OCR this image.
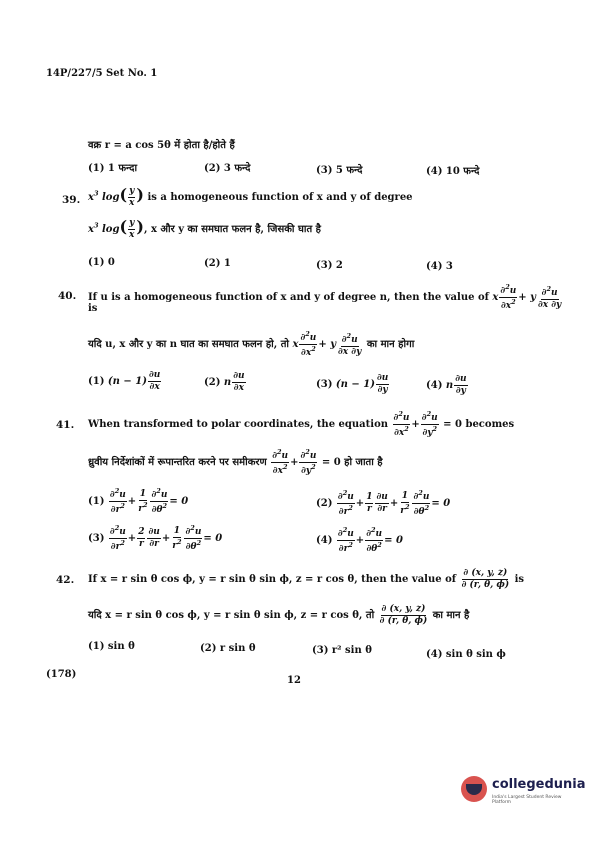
14P/227/5 Set No. 1
वक्र r = a cos 5θ में होता है/होते हैं
(1) 1 फन्दा	(2) 3 फन्दे	(3) 5 फन्दे	(4) 10 फन्दे
39. $x^3$ $\log( \frac{y}{x}$ ) is a homogeneous function of x and y of degree
$x^3$ $\log( \frac{y}{x}$ ), x और y का समघात फलन है, जिसकी घात है
(1) 0	(2) 1	(3) 2	(4) 3
40. If u is a homogeneous function of x and y of degree n, then the value of x $\frac{\partial^2u}{\partial x^2} + y \frac{\partial^2u}{\partial x \partial y}$
is
यदि u, x और y का n घात का समघात फलन हो, तो x $\frac{\partial^2u}{\partial x^2} + y \frac{\partial^2u}{\partial x \partial y}$ का मान होगा
(1) $(n - 1) \frac{\partial u}{\partial x}$	(2) n $\frac{\partial u}{\partial x}$	(3) $(n - 1) \frac{\partial u}{\partial y}$	(4) n $\frac{\partial u}{\partial y}$
41. When transformed to polar coordinates, the equation $\frac{\partial^2u}{\partial x^2} + \frac{\partial^2u}{\partial y^2} = 0$ becomes
ध्रुवीय निर्देशांकों में रूपान्तरित करने पर समीकरण $\frac{\partial^2u}{\partial x^2} + \frac{\partial^2u}{\partial y^2} = 0$ हो जाता है
$(1) \frac{\partial^2u}{\partial r^2} + \frac{1}{r^2} \frac{\partial^2u}{\partial\theta^2} = 0$	$(2) \frac{\partial^2u}{\partial r^2} + \frac{1}{r} \frac{\partial u}{\partial r} + \frac{1}{r^2} \frac{\partial^2u}{\partial\theta^2} = 0$
$(3) \frac{\partial^2u}{\partial r^2} + \frac{2}{r} \frac{\partial u}{\partial r} + \frac{1}{r^2} \frac{\partial^2u}{\partial\theta^2} = 0$	$(4) \frac{\partial^2u}{\partial r^2} + \frac{\partial^2u}{\partial\theta^2} = 0$
42. If x = r sin θ cos ϕ, y = r sin θ sin ϕ, z = r cos θ, then the value of $\frac{\partial (x, y, z)}{\partial (r, \theta, \phi)}$ is
यदि x = r sin θ cos ϕ, y = r sin θ sin ϕ, z = r cos θ, तो $\frac{\partial (x, y, z)}{\partial (r, \theta, \phi)}$ का मान है
(1) sin θ	(2) r sin θ	(3) r² sin θ	(4) sin θ sin ϕ
(178)
12
collegedunia
India's Largest Student Review Platform
